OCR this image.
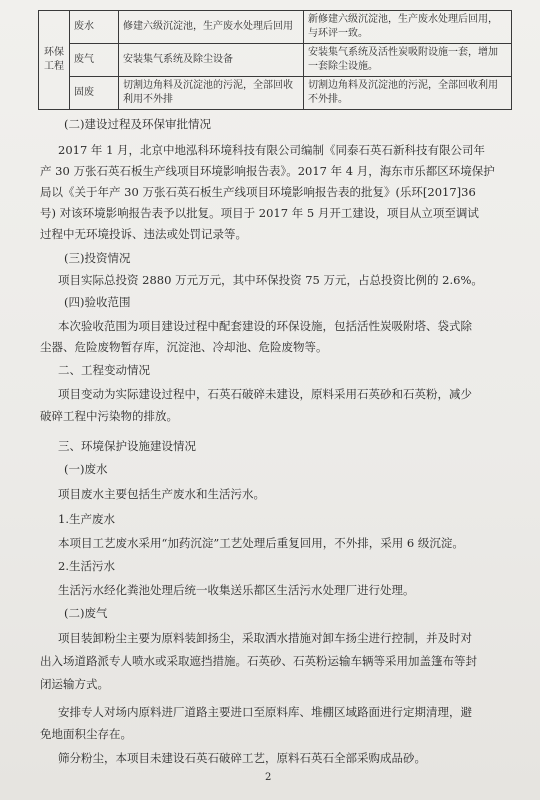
环保工程	废水	修建六级沉淀池，生产废水处理后回用	新修建六级沉淀池，生产废水处理后回用，与环评一致。
	废气	安装集气系统及除尘设备	安装集气系统及活性炭吸附设施一套，增加一套除尘设施。
	固废	切割边角料及沉淀池的污泥，全部回收利用不外排	切割边角料及沉淀池的污泥，全部回收利用不外排。
(二)建设过程及环保审批情况
2017 年 1 月，北京中地泓科环境科技有限公司编制《同泰石英石新科技有限公司年
产 30 万张石英石板生产线项目环境影响报告表》。2017 年 4 月，海东市乐都区环境保护
局以《关于年产 30 万张石英石板生产线项目环境影响报告表的批复》(乐环[2017]36
号) 对该环境影响报告表予以批复。项目于 2017 年 5 月开工建设，项目从立项至调试
过程中无环境投诉、违法或处罚记录等。
(三)投资情况
项目实际总投资 2880 万元万元，其中环保投资 75 万元，占总投资比例的 2.6%。
(四)验收范围
本次验收范围为项目建设过程中配套建设的环保设施，包括活性炭吸附塔、袋式除
尘器、危险废物暂存库，沉淀池、冷却池、危险废物等。
二、工程变动情况
项目变动为实际建设过程中，石英石破碎未建设，原料采用石英砂和石英粉，减少
破碎工程中污染物的排放。
三、环境保护设施建设情况
(一)废水
项目废水主要包括生产废水和生活污水。
1.生产废水
本项目工艺废水采用“加药沉淀”工艺处理后重复回用，不外排，采用 6 级沉淀。
2.生活污水
生活污水经化粪池处理后统一收集送乐都区生活污水处理厂进行处理。
(二)废气
项目装卸粉尘主要为原料装卸扬尘，采取洒水措施对卸车扬尘进行控制，并及时对
出入场道路派专人喷水或采取遮挡措施。石英砂、石英粉运输车辆等采用加盖篷布等封
闭运输方式。
安排专人对场内原料进厂道路主要进口至原料库、堆棚区域路面进行定期清理，避
免地面积尘存在。
筛分粉尘，本项目未建设石英石破碎工艺，原料石英石全部采购成品砂。
2
